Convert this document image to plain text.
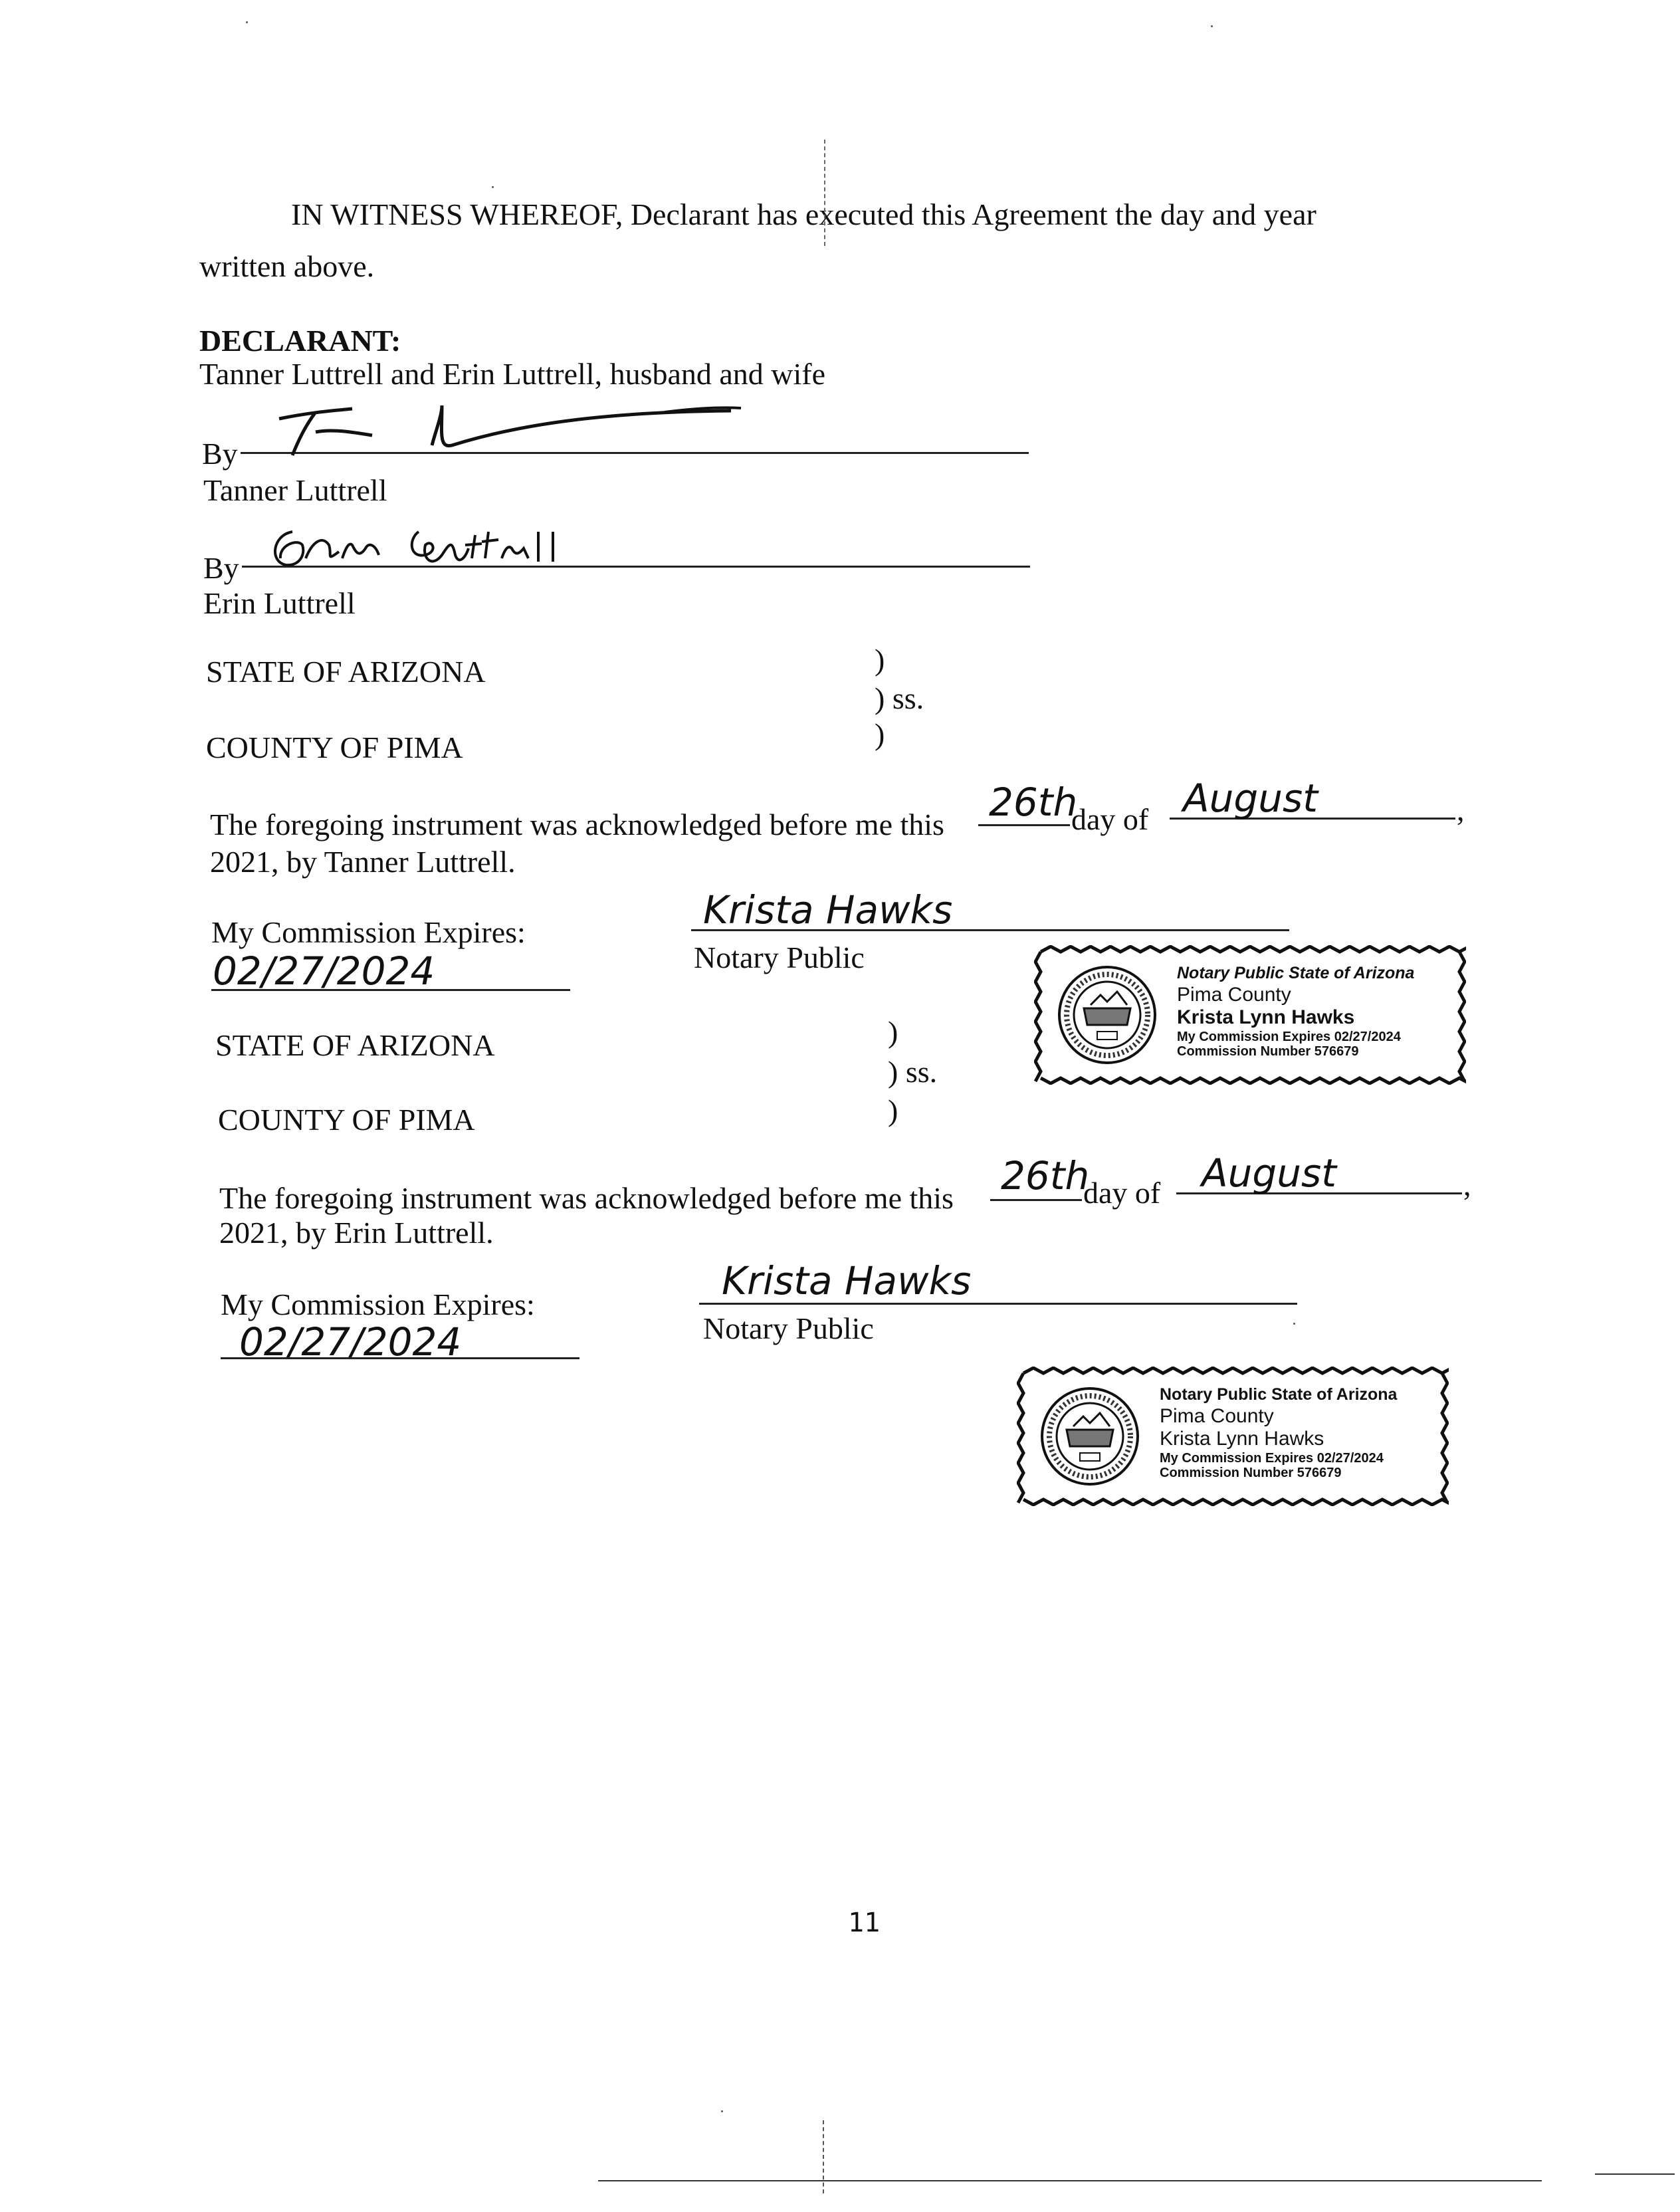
IN WITNESS WHEREOF, Declarant has executed this Agreement the day and year
written above.
DECLARANT:
Tanner Luttrell and Erin Luttrell, husband and wife
By
Tanner Luttrell
By
Erin Luttrell
STATE OF ARIZONA	)
) ss.
COUNTY OF PIMA	)
The foregoing instrument was acknowledged before me this 26th
day of August	,
2021, by Tanner Luttrell.
My Commission Expires:
02/27/2024
Krista Hawks
Notary Public	Notary Public State of Arizona
Pima County
Krista Lynn Hawks
My Commission Expires 02/27/2024
Commission Number 576679
STATE OF ARIZONA	)
) ss.
COUNTY OF PIMA	)
The foregoing instrument was acknowledged before me this 26th
day of August	,
2021, by Erin Luttrell.
My Commission Expires:
02/27/2024
Krista Hawks
Notary Public
Notary Public State of Arizona
Pima County
Krista Lynn Hawks
My Commission Expires 02/27/2024
Commission Number 576679
11
